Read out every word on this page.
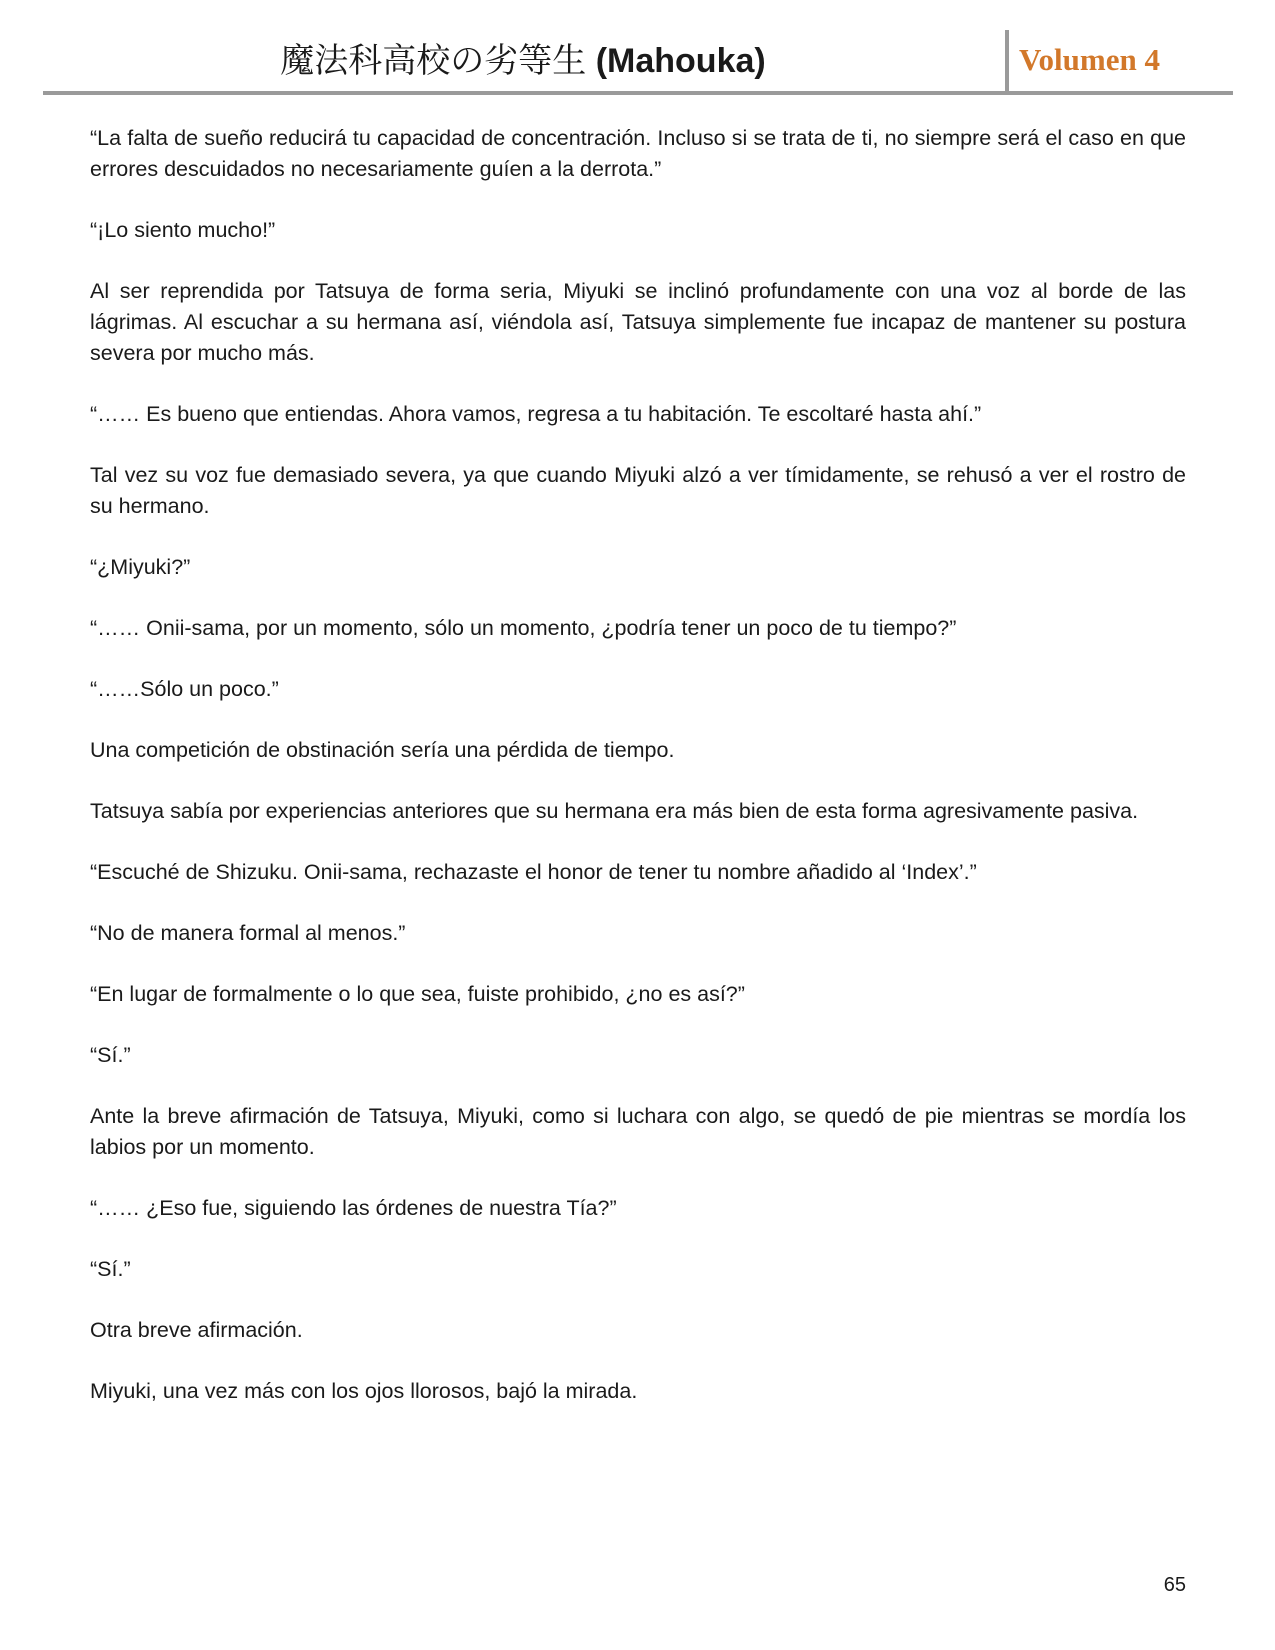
魔法科高校の劣等生 (Mahouka)	Volumen 4

“La falta de sueño reducirá tu capacidad de concentración. Incluso si se trata de ti, no siempre será el caso en que errores descuidados no necesariamente guíen a la derrota.”

“¡Lo siento mucho!”

Al ser reprendida por Tatsuya de forma seria, Miyuki se inclinó profundamente con una voz al borde de las lágrimas. Al escuchar a su hermana así, viéndola así, Tatsuya simplemente fue incapaz de mantener su postura severa por mucho más.

“…… Es bueno que entiendas. Ahora vamos, regresa a tu habitación. Te escoltaré hasta ahí.”

Tal vez su voz fue demasiado severa, ya que cuando Miyuki alzó a ver tímidamente, se rehusó a ver el rostro de su hermano.

“¿Miyuki?”

“…… Onii-sama, por un momento, sólo un momento, ¿podría tener un poco de tu tiempo?”

“……Sólo un poco.”

Una competición de obstinación sería una pérdida de tiempo.

Tatsuya sabía por experiencias anteriores que su hermana era más bien de esta forma agresivamente pasiva.

“Escuché de Shizuku. Onii-sama, rechazaste el honor de tener tu nombre añadido al ‘Index’.”

“No de manera formal al menos.”

“En lugar de formalmente o lo que sea, fuiste prohibido, ¿no es así?”

“Sí.”

Ante la breve afirmación de Tatsuya, Miyuki, como si luchara con algo, se quedó de pie mientras se mordía los labios por un momento.

“…… ¿Eso fue, siguiendo las órdenes de nuestra Tía?”

“Sí.”

Otra breve afirmación.

Miyuki, una vez más con los ojos llorosos, bajó la mirada.

65
